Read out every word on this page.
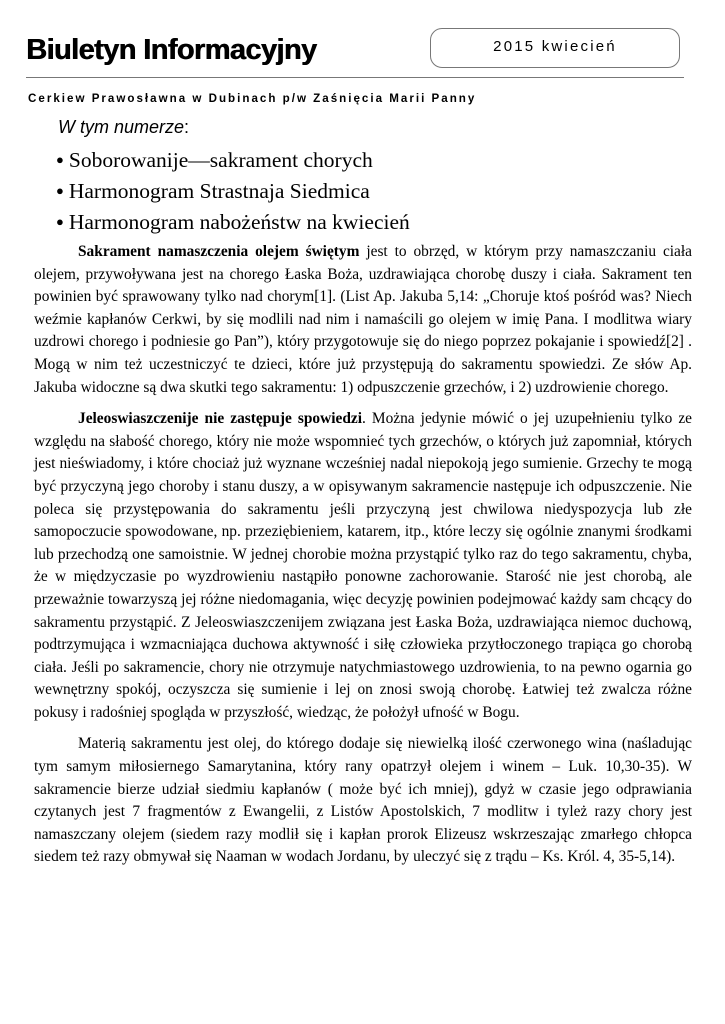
Biuletyn Informacyjny	2015 kwiecień
Cerkiew Prawosławna w Dubinach p/w Zaśnięcia Marii Panny
W tym numerze:
● Soborowanije—sakrament chorych
● Harmonogram Strastnaja Siedmica
● Harmonogram nabożeństw na kwiecień

Sakrament namaszczenia olejem świętym jest to obrzęd, w którym przy namaszczaniu ciała olejem, przywoływana jest na chorego Łaska Boża, uzdrawiająca chorobę duszy i ciała. Sakrament ten powinien być sprawowany tylko nad chorym[1]. (List Ap. Jakuba 5,14: „Choruje ktoś pośród was? Niech weźmie kapłanów Cerkwi, by się modlili nad nim i namaścili go olejem w imię Pana. I modlitwa wiary uzdrowi chorego i podniesie go Pan”), który przygotowuje się do niego poprzez pokajanie i spowiedź[2] . Mogą w nim też uczestniczyć te dzieci, które już przystępują do sakramentu spowiedzi. Ze słów Ap. Jakuba widoczne są dwa skutki tego sakramentu: 1) odpuszczenie grzechów, i 2) uzdrowienie chorego.

Jeleoswiaszczenije nie zastępuje spowiedzi. Można jedynie mówić o jej uzupełnieniu tylko ze względu na słabość chorego, który nie może wspomnieć tych grzechów, o których już zapomniał, których jest nieświadomy, i które chociaż już wyznane wcześniej nadal niepokoją jego sumienie. Grzechy te mogą być przyczyną jego choroby i stanu duszy, a w opisywanym sakramencie następuje ich odpuszczenie. Nie poleca się przystępowania do sakramentu jeśli przyczyną jest chwilowa niedyspozycja lub złe samopoczucie spowodowane, np. przeziębieniem, katarem, itp., które leczy się ogólnie znanymi środkami lub przechodzą one samoistnie. W jednej chorobie można przystąpić tylko raz do tego sakramentu, chyba, że w międzyczasie po wyzdrowieniu nastąpiło ponowne zachorowanie. Starość nie jest chorobą, ale przeważnie towarzyszą jej różne niedomagania, więc decyzję powinien podejmować każdy sam chcący do sakramentu przystąpić. Z Jeleoswiaszczenijem związana jest Łaska Boża, uzdrawiająca niemoc duchową, podtrzymująca i wzmacniająca duchowa aktywność i siłę człowieka przytłoczonego trapiąca go chorobą ciała. Jeśli po sakramencie, chory nie otrzymuje natychmiastowego uzdrowienia, to na pewno ogarnia go wewnętrzny spokój, oczyszcza się sumienie i lej on znosi swoją chorobę. Łatwiej też zwalcza różne pokusy i radośniej spogląda w przyszłość, wiedząc, że położył ufność w Bogu.

Materią sakramentu jest olej, do którego dodaje się niewielką ilość czerwonego wina (naśladując tym samym miłosiernego Samarytanina, który rany opatrzył olejem i winem – Luk. 10,30-35). W sakramencie bierze udział siedmiu kapłanów ( może być ich mniej), gdyż w czasie jego odprawiania czytanych jest 7 fragmentów z Ewangelii, z Listów Apostolskich, 7 modlitw i tyleż razy chory jest namaszczany olejem (siedem razy modlił się i kapłan prorok Elizeusz wskrzeszając zmarłego chłopca siedem też razy obmywał się Naaman w wodach Jordanu, by uleczyć się z trądu – Ks. Król. 4, 35-5,14).
